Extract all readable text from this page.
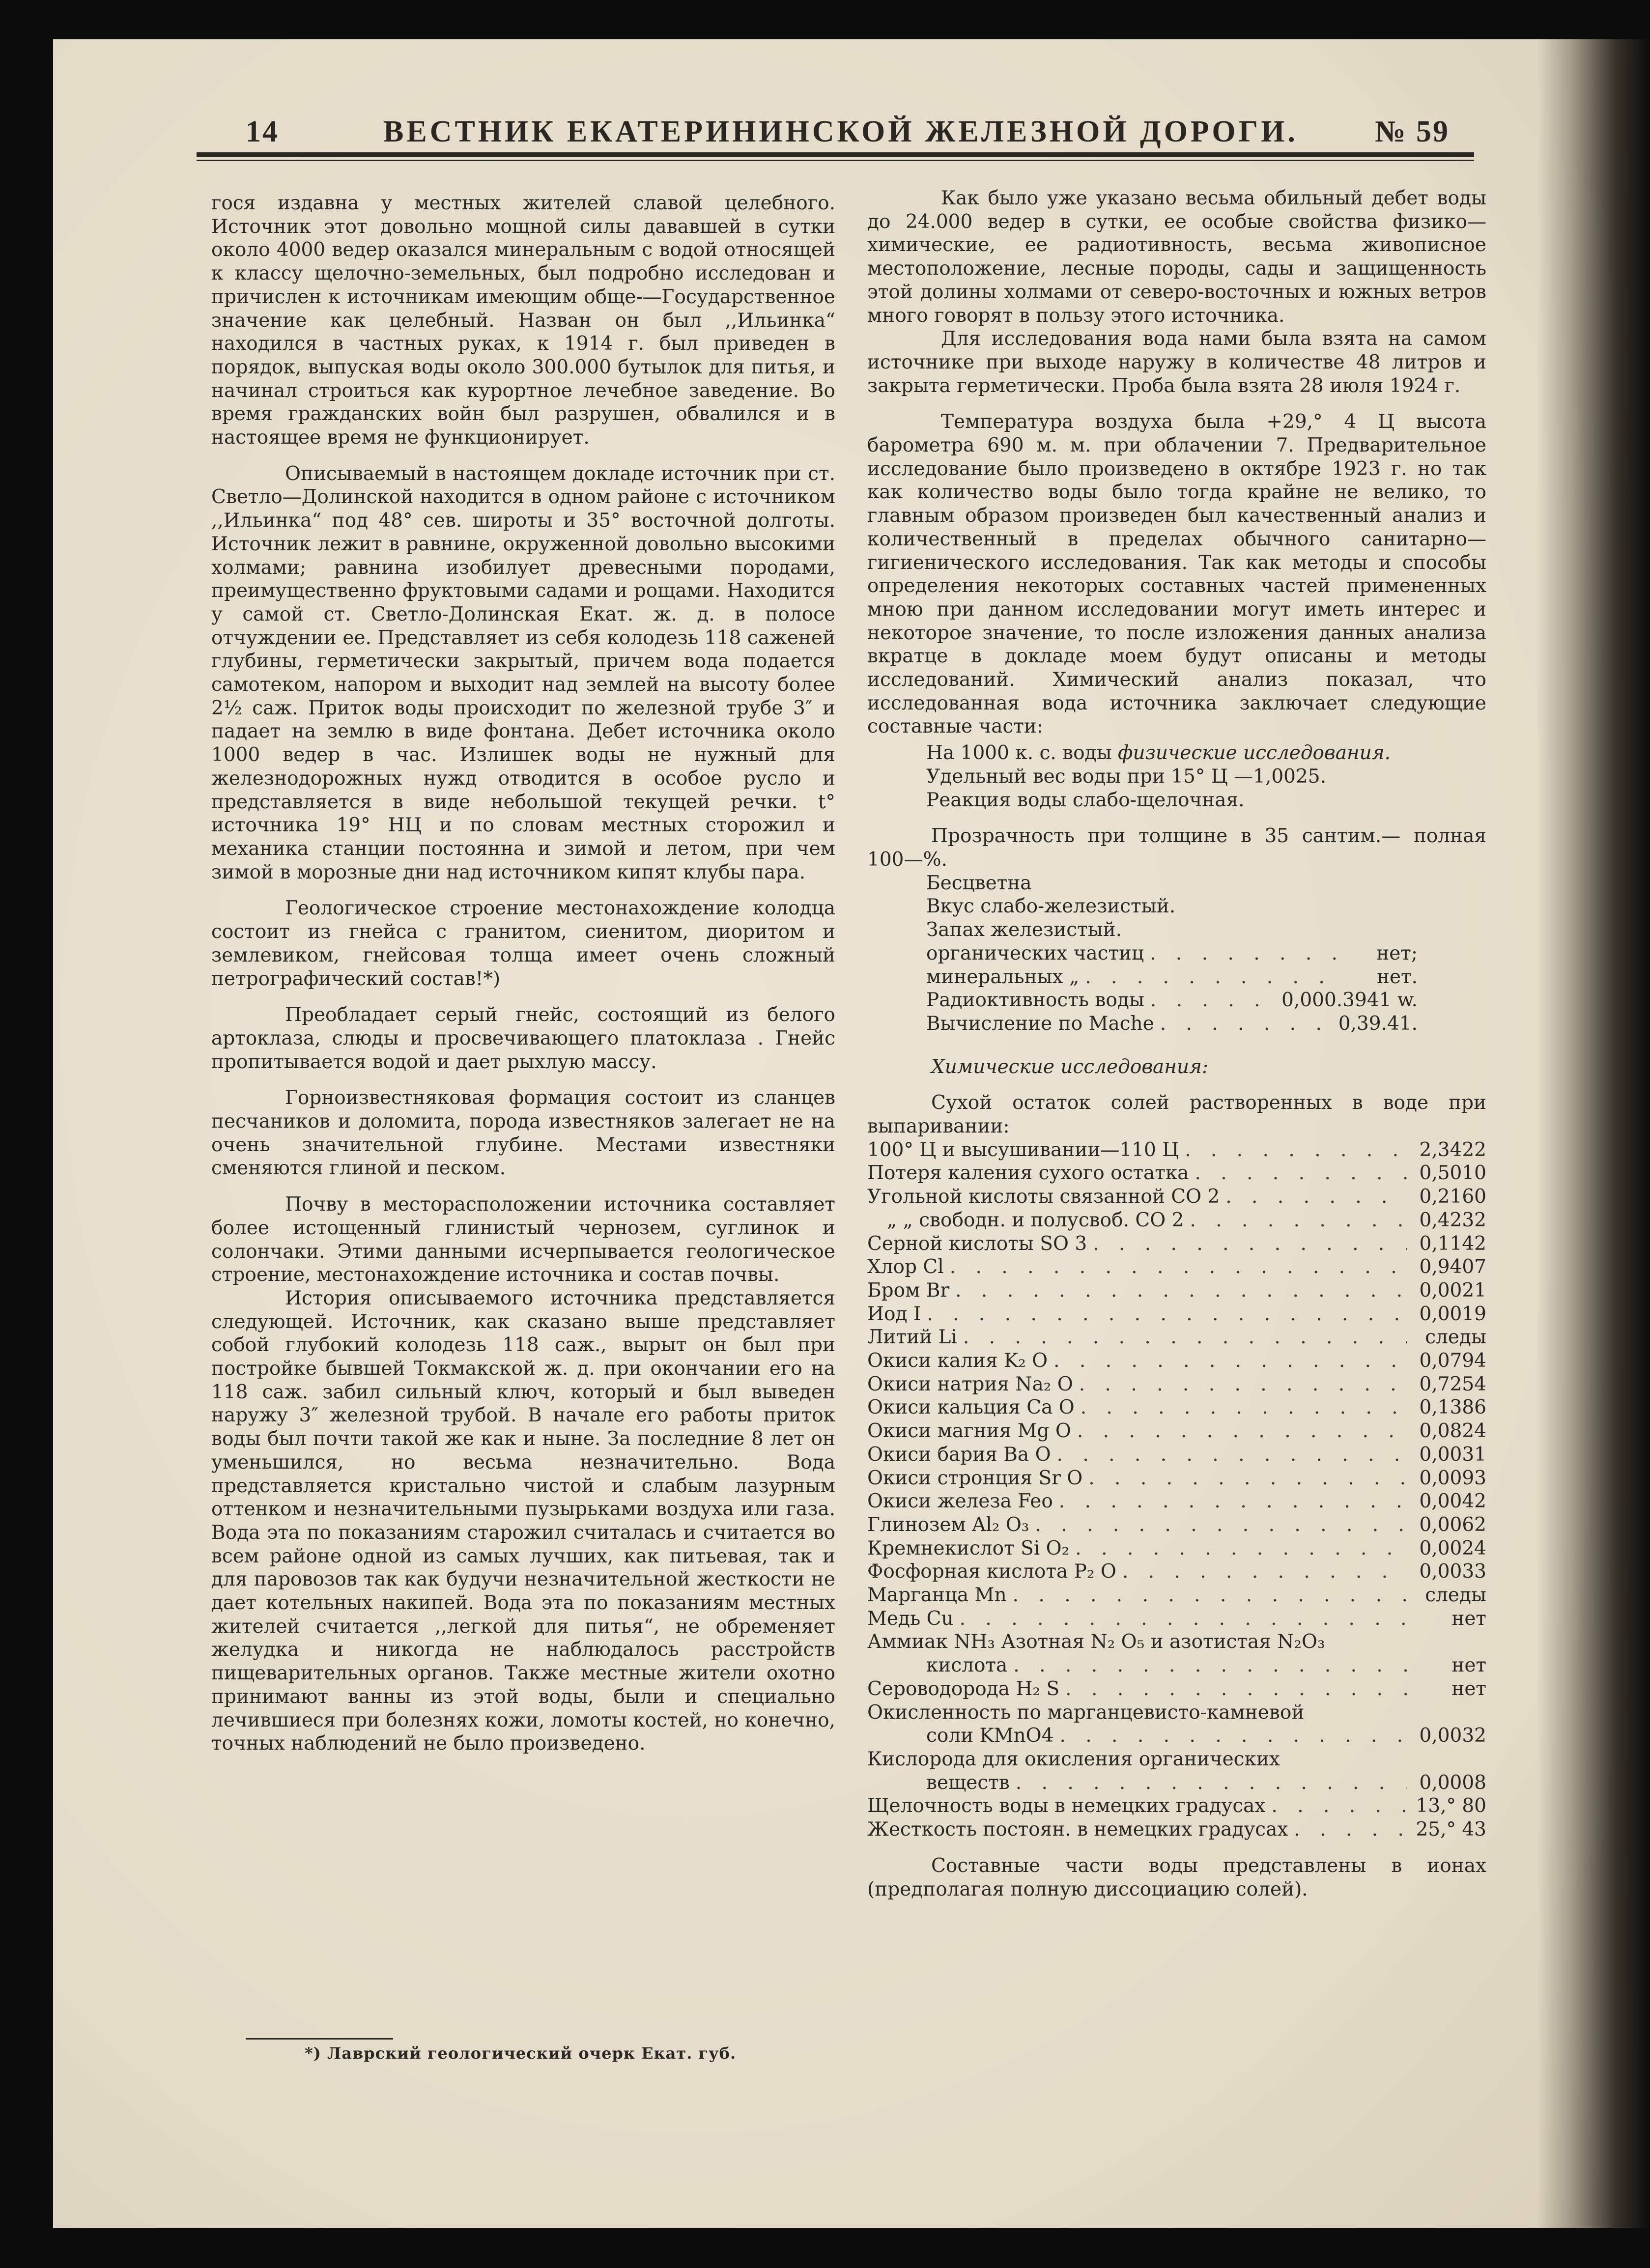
14	ВЕСТНИК ЕКАТЕРИНИНСКОЙ ЖЕЛЕЗНОЙ ДОРОГИ.	№ 59

гося издавна у местных жителей славой целебного. Источник этот довольно мощной силы дававшей в сутки около 4000 ведер оказался минеральным с водой относящей к классу щелочно-земельных, был подробно исследован и причислен к источникам имеющим обще-—Государственное значение как целебный. Назван он был ,,Ильинка“ находился в частных руках, к 1914 г. был приведен в порядок, выпуская воды около 300.000 бутылок для питья, и начинал строиться как курортное лечебное заведение. Во время гражданских войн был разрушен, обвалился и в настоящее время не функционирует.

Описываемый в настоящем докладе источник при ст. Светло—Долинской находится в одном районе с источником ,,Ильинка“ под 48° сев. широты и 35° восточной долготы. Источник лежит в равнине, окруженной довольно высокими холмами; равнина изобилует древесными породами, преимущественно фруктовыми садами и рощами. Находится у самой ст. Светло-Долинская Екат. ж. д. в полосе отчуждении ее. Представляет из себя колодезь 118 саженей глубины, герметически закрытый, причем вода подается самотеком, напором и выходит над землей на высоту более 2½ саж. Приток воды происходит по железной трубе 3″ и падает на землю в виде фонтана. Дебет источника около 1000 ведер в час. Излишек воды не нужный для железнодорожных нужд отводится в особое русло и представляется в виде небольшой текущей речки. t° источника 19° НЦ и по словам местных сторожил и механика станции постоянна и зимой и летом, при чем зимой в морозные дни над источником кипят клубы пара.

Геологическое строение местонахождение колодца состоит из гнейса с гранитом, сиенитом, диоритом и землевиком, гнейсовая толща имеет очень сложный петрографический состав!*)

Преобладает серый гнейс, состоящий из белого артоклаза, слюды и просвечивающего платоклаза . Гнейс пропитывается водой и дает рыхлую массу.

Горноизвестняковая формация состоит из сланцев песчаников и доломита, порода известняков залегает не на очень значительной глубине. Местами известняки сменяются глиной и песком.

Почву в месторасположении источника составляет более истощенный глинистый чернозем, суглинок и солончаки. Этими данными исчерпывается геологическое строение, местонахождение источника и состав почвы.

История описываемого источника представляется следующей. Источник, как сказано выше представляет собой глубокий колодезь 118 саж., вырыт он был при постройке бывшей Токмакской ж. д. при окончании его на 118 саж. забил сильный ключ, который и был выведен наружу 3″ железной трубой. В начале его работы приток воды был почти такой же как и ныне. За последние 8 лет он уменьшился, но весьма незначительно. Вода представляется кристально чистой и слабым лазурным оттенком и незначительными пузырьками воздуха или газа. Вода эта по показаниям старожил считалась и считается во всем районе одной из самых лучших, как питьевая, так и для паровозов так как будучи незначительной жесткости не дает котельных накипей. Вода эта по показаниям местных жителей считается ,,легкой для питья“, не обременяет желудка и никогда не наблюдалось расстройств пищеварительных органов. Также местные жители охотно принимают ванны из этой воды, были и специально лечившиеся при болезнях кожи, ломоты костей, но конечно, точных наблюдений не было произведено.

*) Лаврский геологический очерк Екат. губ.

Как было уже указано весьма обильный дебет воды до 24.000 ведер в сутки, ее особые свойства физико—химические, ее радиотивность, весьма живописное местоположение, лесные породы, сады и защищенность этой долины холмами от северо-восточных и южных ветров много говорят в пользу этого источника.

Для исследования вода нами была взята на самом источнике при выходе наружу в количестве 48 литров и закрыта герметически. Проба была взята 28 июля 1924 г.

Температура воздуха была +29,° 4 Ц высота барометра 690 м. м. при облачении 7. Предварительное исследование было произведено в октябре 1923 г. но так как количество воды было тогда крайне не велико, то главным образом произведен был качественный анализ и количественный в пределах обычного санитарно—гигиенического исследования. Так как методы и способы определения некоторых составных частей примененных мною при данном исследовании могут иметь интерес и некоторое значение, то после изложения данных анализа вкратце в докладе моем будут описаны и методы исследований. Химический анализ показал, что исследованная вода источника заключает следующие составные части:

На 1000 к. с. воды физические исследования.
Удельный вес воды при 15° Ц —1,0025.
Реакция воды слабо-щелочная.

Прозрачность при толщине в 35 сантим.— полная 100—%.

Бесцветна
Вкус слабо-железистый.
Запах железистый.
органических частиц . . .	нет;
минеральных „ . . .	нет.
Радиоктивность воды . . .	0,000.3941 w.
Вычисление по Mache . . .	0,39.41.
Химические исследования:

Сухой остаток солей растворенных в воде при выпаривании:

100° Ц и высушивании—110 Ц . . .	2,3422
Потеря каления сухого остатка . . .	0,5010
Угольной кислоты связанной CO 2 . . .	0,2160
„ „ свободн. и полусвоб. CO 2 . . .	0,4232
Серной кислоты SO 3 . . .	0,1142
Хлор Cl . . .	0,9407
Бром Br . . .	0,0021
Иод I . . .	0,0019
Литий Li . . .	следы
Окиси калия K₂ O . . .	0,0794
Окиси натрия Na₂ O . . .	0,7254
Окиси кальция Ca O . . .	0,1386
Окиси магния Mg O . . .	0,0824
Окиси бария Ba O . . .	0,0031
Окиси стронция Sr O . . .	0,0093
Окиси железа Feo . . .	0,0042
Глинозем Al₂ O₃ . . .	0,0062
Кремнекислот Si O₂ . . .	0,0024
Фосфорная кислота P₂ O . . .	0,0033
Марганца Mn . . .	следы
Медь Cu . . .	нет
Аммиак NH₃ Азотная N₂ O₅ и азотистая N₂O₃
кислота . . .	нет
Сероводорода H₂ S . . .	нет
Окисленность по марганцевисто-камневой
соли KMnO4 . . .	0,0032
Кислорода для окисления органических
веществ . . .	0,0008
Щелочность воды в немецких градусах . . .	13,° 80
Жесткость постоян. в немецких градусах . . .	25,° 43

Составные части воды представлены в ионах (предполагая полную диссоциацию солей).
